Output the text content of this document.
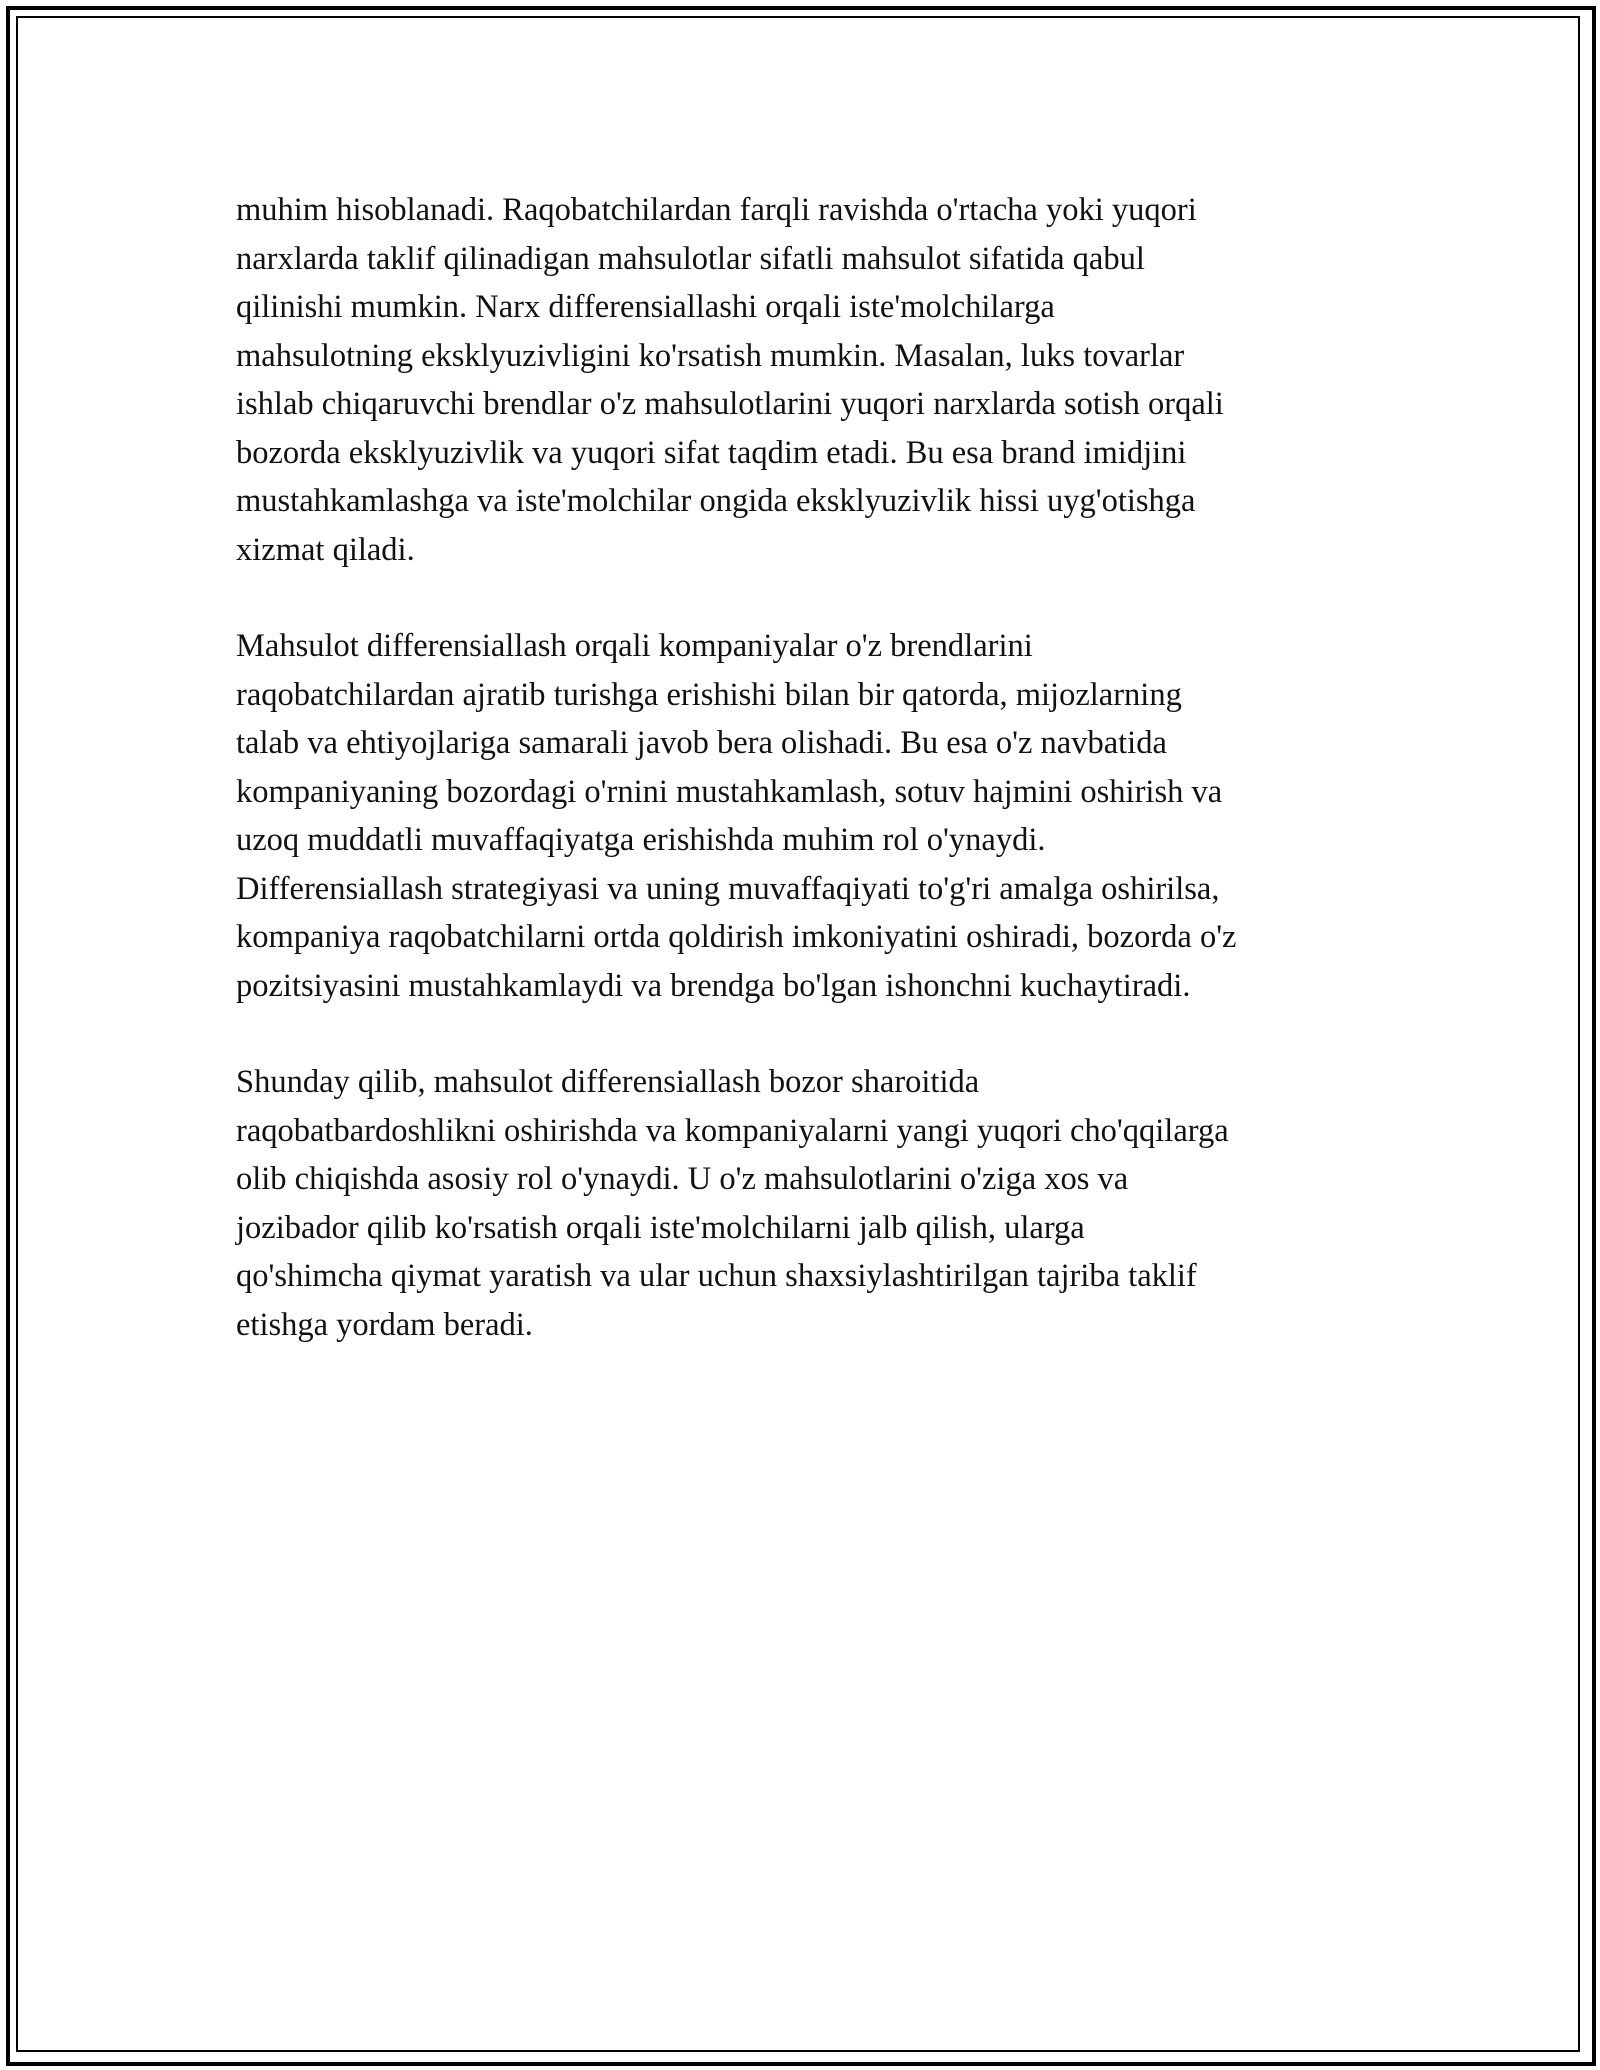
muhim hisoblanadi. Raqobatchilardan farqli ravishda o'rtacha yoki yuqori
narxlarda taklif qilinadigan mahsulotlar sifatli mahsulot sifatida qabul
qilinishi mumkin. Narx differensiallashi orqali iste'molchilarga
mahsulotning eksklyuzivligini ko'rsatish mumkin. Masalan, luks tovarlar
ishlab chiqaruvchi brendlar o'z mahsulotlarini yuqori narxlarda sotish orqali
bozorda eksklyuzivlik va yuqori sifat taqdim etadi. Bu esa brand imidjini
mustahkamlashga va iste'molchilar ongida eksklyuzivlik hissi uyg'otishga
xizmat qiladi.

Mahsulot differensiallash orqali kompaniyalar o'z brendlarini
raqobatchilardan ajratib turishga erishishi bilan bir qatorda, mijozlarning
talab va ehtiyojlariga samarali javob bera olishadi. Bu esa o'z navbatida
kompaniyaning bozordagi o'rnini mustahkamlash, sotuv hajmini oshirish va
uzoq muddatli muvaffaqiyatga erishishda muhim rol o'ynaydi.
Differensiallash strategiyasi va uning muvaffaqiyati to'g'ri amalga oshirilsa,
kompaniya raqobatchilarni ortda qoldirish imkoniyatini oshiradi, bozorda o'z
pozitsiyasini mustahkamlaydi va brendga bo'lgan ishonchni kuchaytiradi.

Shunday qilib, mahsulot differensiallash bozor sharoitida
raqobatbardoshlikni oshirishda va kompaniyalarni yangi yuqori cho'qqilarga
olib chiqishda asosiy rol o'ynaydi. U o'z mahsulotlarini o'ziga xos va
jozibador qilib ko'rsatish orqali iste'molchilarni jalb qilish, ularga
qo'shimcha qiymat yaratish va ular uchun shaxsiylashtirilgan tajriba taklif
etishga yordam beradi.
